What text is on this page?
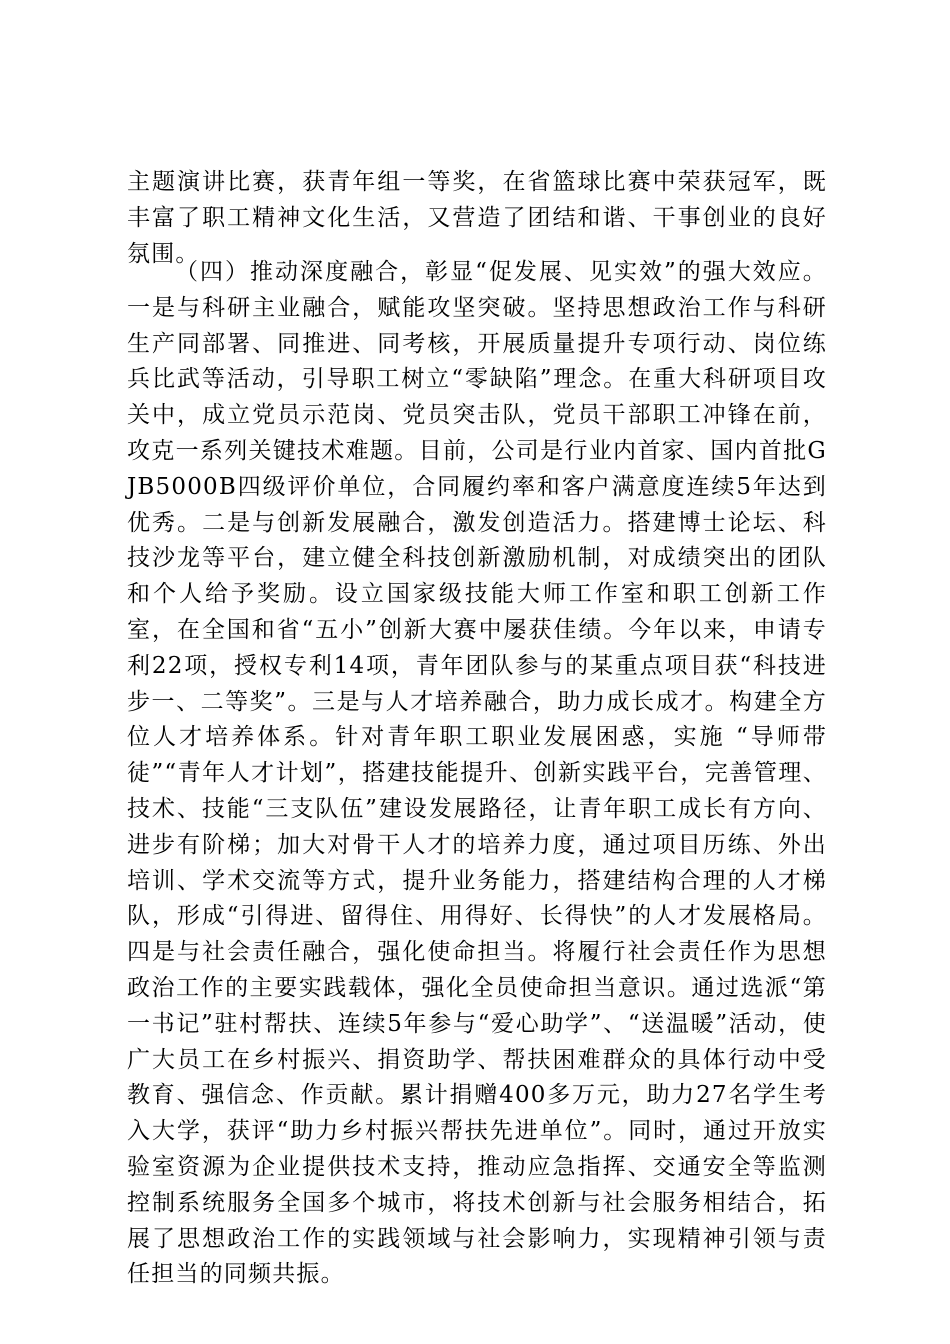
主题演讲比赛，获青年组一等奖，在省篮球比赛中荣获冠军，既丰富了职工精神文化生活，又营造了团结和谐、干事创业的良好氛围。

（四）推动深度融合，彰显“促发展、见实效”的强大效应。一是与科研主业融合，赋能攻坚突破。坚持思想政治工作与科研生产同部署、同推进、同考核，开展质量提升专项行动、岗位练兵比武等活动，引导职工树立“零缺陷”理念。在重大科研项目攻关中，成立党员示范岗、党员突击队，党员干部职工冲锋在前，攻克一系列关键技术难题。目前，公司是行业内首家、国内首批GJB5000B四级评价单位，合同履约率和客户满意度连续5年达到优秀。二是与创新发展融合，激发创造活力。搭建博士论坛、科技沙龙等平台，建立健全科技创新激励机制，对成绩突出的团队和个人给予奖励。设立国家级技能大师工作室和职工创新工作室，在全国和省“五小”创新大赛中屡获佳绩。今年以来，申请专利22项，授权专利14项，青年团队参与的某重点项目获“科技进步一、二等奖”。三是与人才培养融合，助力成长成才。构建全方位人才培养体系。针对青年职工职业发展困惑，实施 “导师带徒”“青年人才计划”，搭建技能提升、创新实践平台，完善管理、技术、技能“三支队伍”建设发展路径，让青年职工成长有方向、进步有阶梯；加大对骨干人才的培养力度，通过项目历练、外出培训、学术交流等方式，提升业务能力，搭建结构合理的人才梯队，形成“引得进、留得住、用得好、长得快”的人才发展格局。四是与社会责任融合，强化使命担当。将履行社会责任作为思想政治工作的主要实践载体，强化全员使命担当意识。通过选派“第一书记”驻村帮扶、连续5年参与“爱心助学”、“送温暖”活动，使广大员工在乡村振兴、捐资助学、帮扶困难群众的具体行动中受教育、强信念、作贡献。累计捐赠400多万元，助力27名学生考入大学，获评“助力乡村振兴帮扶先进单位”。同时，通过开放实验室资源为企业提供技术支持，推动应急指挥、交通安全等监测控制系统服务全国多个城市，将技术创新与社会服务相结合，拓展了思想政治工作的实践领域与社会影响力，实现精神引领与责任担当的同频共振。
